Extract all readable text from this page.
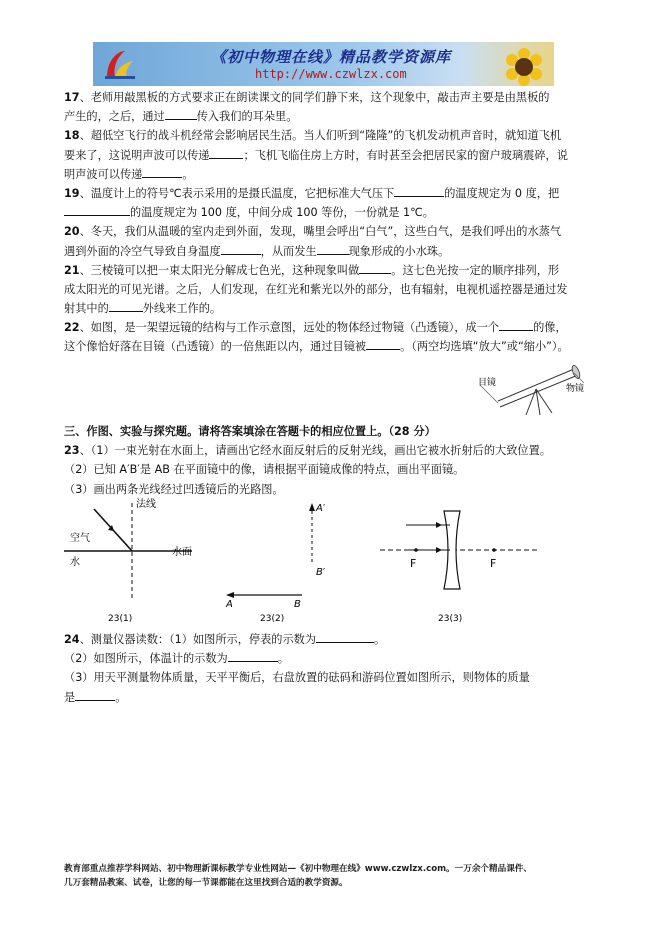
《初中物理在线》精品教学资源库
http://www.czwlzx.com
17、老师用敲黑板的方式要求正在朗读课文的同学们静下来，这个现象中，敲击声主要是由黑板的
产生的，之后，通过	传入我们的耳朵里。
18、超低空飞行的战斗机经常会影响居民生活。当人们听到“隆隆”的飞机发动机声音时，就知道飞机
要来了，这说明声波可以传递	；飞机飞临住房上方时，有时甚至会把居民家的窗户玻璃震碎，说
明声波可以传递	。
19、温度计上的符号℃表示采用的是摄氏温度，它把标准大气压下	的温度规定为 0 度，把
的温度规定为 100 度，中间分成 100 等份，一份就是 1℃。
20、冬天，我们从温暖的室内走到外面，发现，嘴里会呼出“白气”，这些白气，是我们呼出的水蒸气
遇到外面的冷空气导致自身温度	，从而发生	现象形成的小水珠。
21、三棱镜可以把一束太阳光分解成七色光，这种现象叫做	。这七色光按一定的顺序排列，形
成太阳光的可见光谱。之后，人们发现，在红光和紫光以外的部分，也有辐射，电视机遥控器是通过发
射其中的	外线来工作的。
22、如图，是一架望远镜的结构与工作示意图，远处的物体经过物镜（凸透镜），成一个	的像，
这个像恰好落在目镜（凸透镜）的一倍焦距以内，通过目镜被	。（两空均选填“放大”或“缩小”）。
目镜
物镜
三、作图、实验与探究题。请将答案填涂在答题卡的相应位置上。（28 分）
23、（1）一束光射在水面上，请画出它经水面反射后的反射光线，画出它被水折射后的大致位置。
（2）已知 A′B′是 AB 在平面镜中的像，请根据平面镜成像的特点，画出平面镜。
（3）画出两条光线经过凹透镜后的光路图。
法线
空气
水
水面
23(1)
A′
B′
A	B
23(2)
F	F
23(3)
24、测量仪器读数：（1）如图所示，停表的示数为	。
（2）如图所示，体温计的示数为	。
（3）用天平测量物体质量，天平平衡后，右盘放置的砝码和游码位置如图所示，则物体的质量
是	。
教育部重点推荐学科网站、初中物理新课标教学专业性网站—《初中物理在线》www.czwlzx.com。一万余个精品课件、
几万套精品教案、试卷，让您的每一节课都能在这里找到合适的教学资源。
